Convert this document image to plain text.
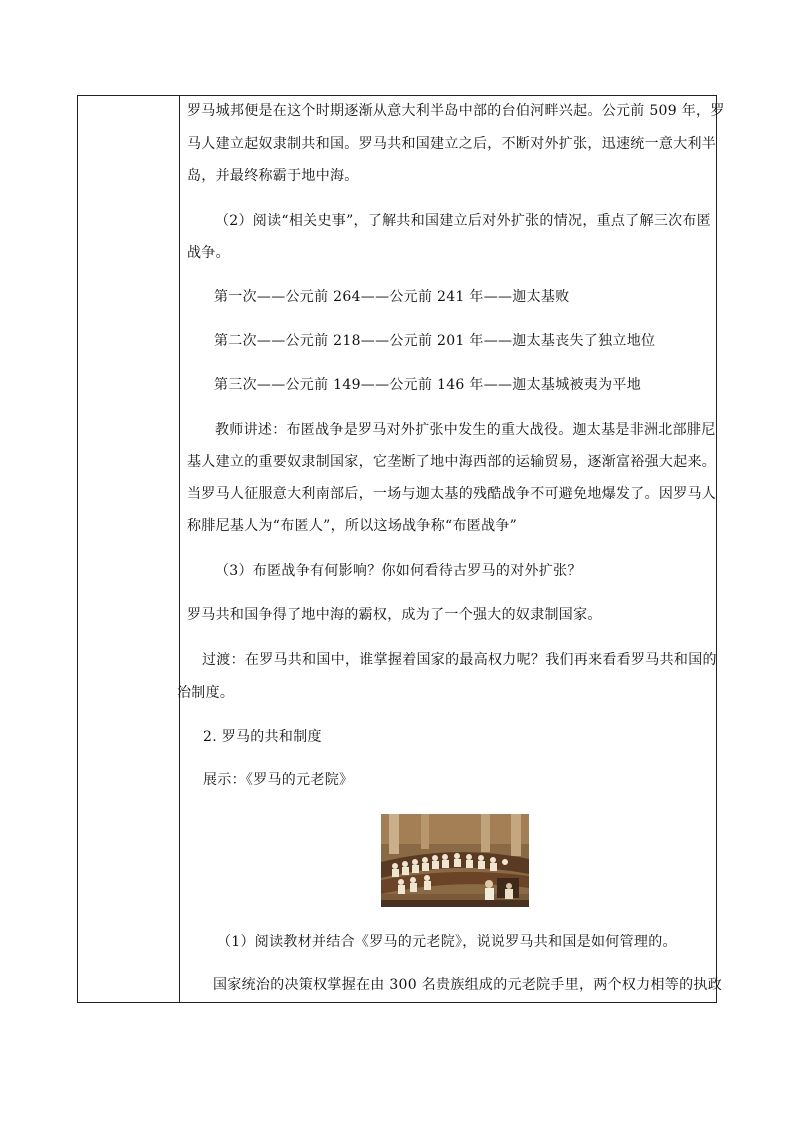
罗马城邦便是在这个时期逐渐从意大利半岛中部的台伯河畔兴起。公元前 509 年，罗
马人建立起奴隶制共和国。罗马共和国建立之后，不断对外扩张，迅速统一意大利半
岛，并最终称霸于地中海。
（2）阅读“相关史事”，了解共和国建立后对外扩张的情况，重点了解三次布匿
战争。
第一次——公元前 264——公元前 241 年——迦太基败
第二次——公元前 218——公元前 201 年——迦太基丧失了独立地位
第三次——公元前 149——公元前 146 年——迦太基城被夷为平地
教师讲述：布匿战争是罗马对外扩张中发生的重大战役。迦太基是非洲北部腓尼
基人建立的重要奴隶制国家，它垄断了地中海西部的运输贸易，逐渐富裕强大起来。
当罗马人征服意大利南部后，一场与迦太基的残酷战争不可避免地爆发了。因罗马人
称腓尼基人为“布匿人”，所以这场战争称“布匿战争”
（3）布匿战争有何影响？你如何看待古罗马的对外扩张？
罗马共和国争得了地中海的霸权，成为了一个强大的奴隶制国家。
过渡：在罗马共和国中，谁掌握着国家的最高权力呢？我们再来看看罗马共和国的
治制度。
2. 罗马的共和制度
展示：《罗马的元老院》
（1）阅读教材并结合《罗马的元老院》，说说罗马共和国是如何管理的。
国家统治的决策权掌握在由 300 名贵族组成的元老院手里，两个权力相等的执政
